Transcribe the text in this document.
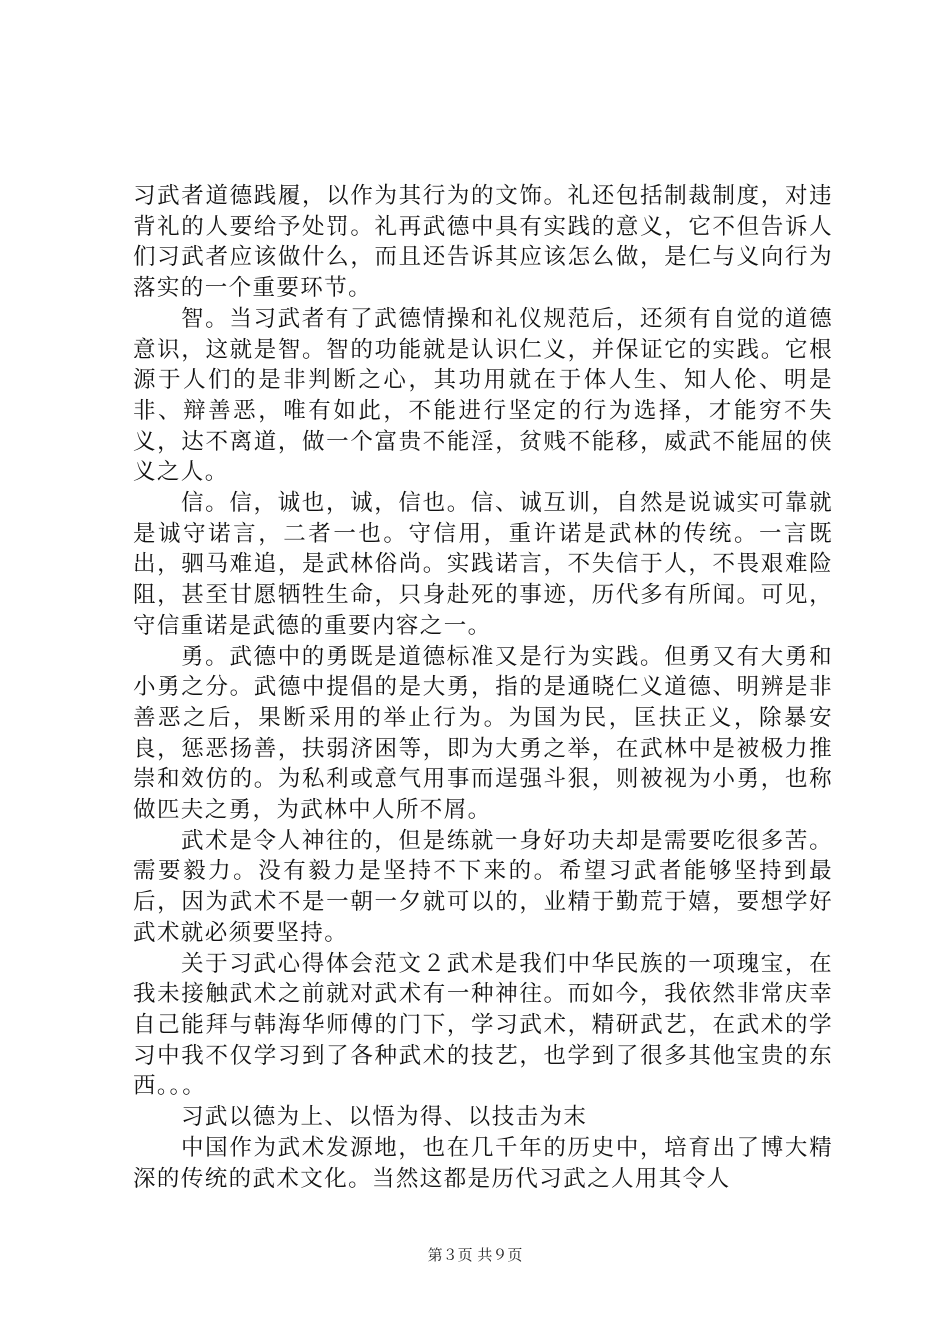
习武者道德践履，以作为其行为的文饰。礼还包括制裁制度，对违背礼的人要给予处罚。礼再武德中具有实践的意义，它不但告诉人们习武者应该做什么，而且还告诉其应该怎么做，是仁与义向行为落实的一个重要环节。

智。当习武者有了武德情操和礼仪规范后，还须有自觉的道德意识，这就是智。智的功能就是认识仁义，并保证它的实践。它根源于人们的是非判断之心，其功用就在于体人生、知人伦、明是非、辩善恶，唯有如此，不能进行坚定的行为选择，才能穷不失义，达不离道，做一个富贵不能淫，贫贱不能移，威武不能屈的侠义之人。

信。信，诚也，诚，信也。信、诚互训，自然是说诚实可靠就是诚守诺言，二者一也。守信用，重许诺是武林的传统。一言既出，驷马难追，是武林俗尚。实践诺言，不失信于人，不畏艰难险阻，甚至甘愿牺牲生命，只身赴死的事迹，历代多有所闻。可见，守信重诺是武德的重要内容之一。

勇。武德中的勇既是道德标准又是行为实践。但勇又有大勇和小勇之分。武德中提倡的是大勇，指的是通晓仁义道德、明辨是非善恶之后，果断采用的举止行为。为国为民，匡扶正义，除暴安良，惩恶扬善，扶弱济困等，即为大勇之举，在武林中是被极力推崇和效仿的。为私利或意气用事而逞强斗狠，则被视为小勇，也称做匹夫之勇，为武林中人所不屑。

武术是令人神往的，但是练就一身好功夫却是需要吃很多苦。需要毅力。没有毅力是坚持不下来的。希望习武者能够坚持到最后，因为武术不是一朝一夕就可以的，业精于勤荒于嬉，要想学好武术就必须要坚持。

关于习武心得体会范文２武术是我们中华民族的一项瑰宝，在我未接触武术之前就对武术有一种神往。而如今，我依然非常庆幸自己能拜与韩海华师傅的门下，学习武术，精研武艺，在武术的学习中我不仅学习到了各种武术的技艺，也学到了很多其他宝贵的东西。。。

习武以德为上、以悟为得、以技击为末

中国作为武术发源地，也在几千年的历史中，培育出了博大精深的传统的武术文化。当然这都是历代习武之人用其令人

第３页 共９页
